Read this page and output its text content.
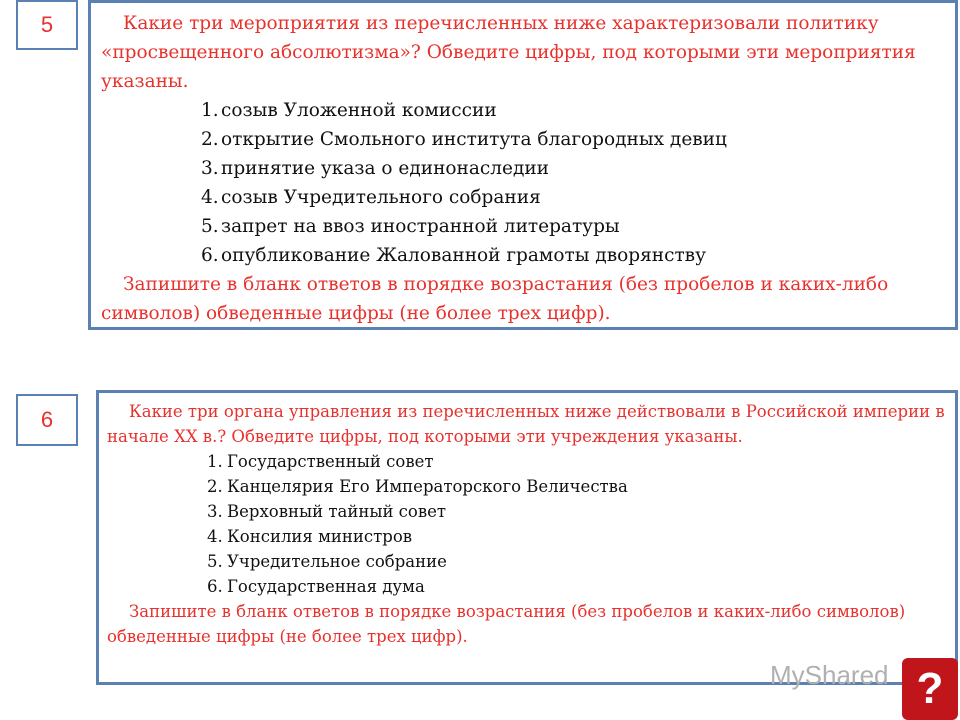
5	Какие три мероприятия из перечисленных ниже характеризовали политику «просвещенного абсолютизма»? Обведите цифры, под которыми эти мероприятия указаны.

1. созыв Уложенной комиссии
2. открытие Смольного института благородных девиц
3. принятие указа о единонаследии
4. созыв Учредительного собрания
5. запрет на ввоз иностранной литературы
6. опубликование Жалованной грамоты дворянству

Запишите в бланк ответов в порядке возрастания (без пробелов и каких-либо символов) обведенные цифры (не более трех цифр).

6	Какие три органа управления из перечисленных ниже действовали в Российской империи в начале XX в.? Обведите цифры, под которыми эти учреждения указаны.

1. Государственный совет
2. Канцелярия Его Императорского Величества
3. Верховный тайный совет
4. Консилия министров
5. Учредительное собрание
6. Государственная дума

Запишите в бланк ответов в порядке возрастания (без пробелов и каких-либо символов) обведенные цифры (не более трех цифр).

MyShared ?
